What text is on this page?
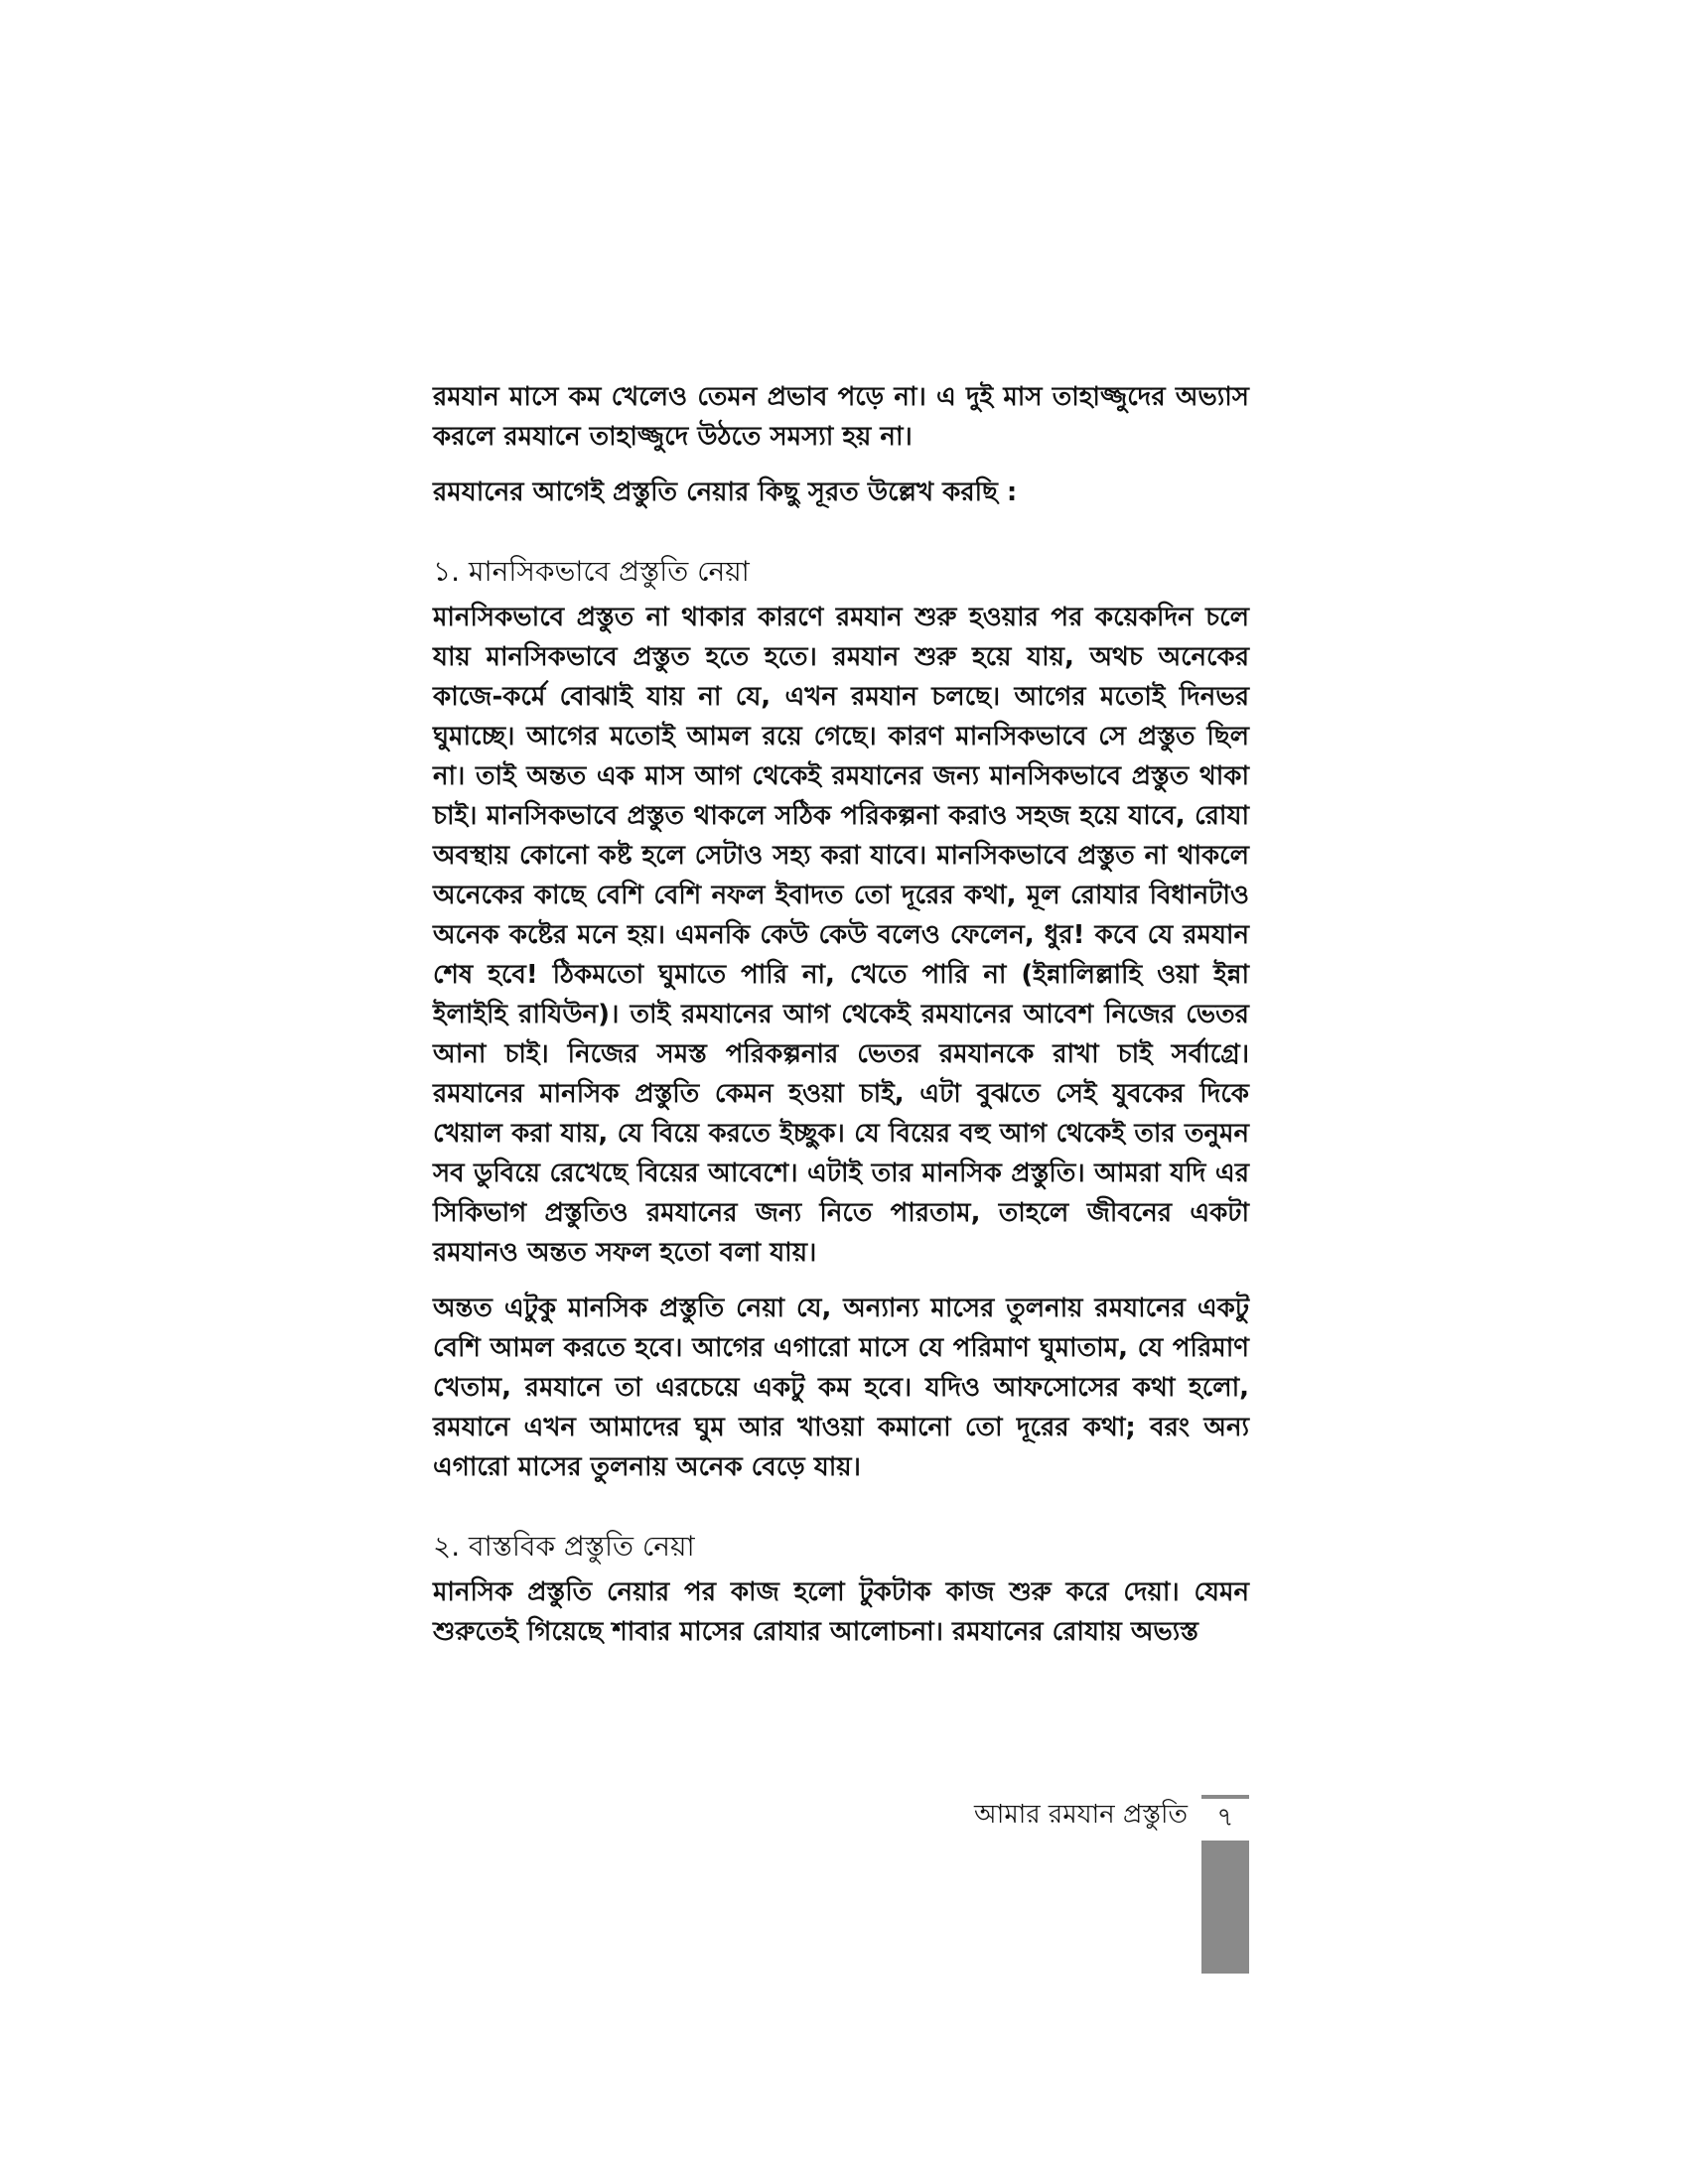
রমযান মাসে কম খেলেও তেমন প্রভাব পড়ে না। এ দুই মাস তাহাজ্জুদের অভ্যাস করলে রমযানে তাহাজ্জুদে উঠতে সমস্যা হয় না।

রমযানের আগেই প্রস্তুতি নেয়ার কিছু সূরত উল্লেখ করছি :

১. মানসিকভাবে প্রস্তুতি নেয়া

মানসিকভাবে প্রস্তুত না থাকার কারণে রমযান শুরু হওয়ার পর কয়েকদিন চলে যায় মানসিকভাবে প্রস্তুত হতে হতে। রমযান শুরু হয়ে যায়, অথচ অনেকের কাজে-কর্মে বোঝাই যায় না যে, এখন রমযান চলছে। আগের মতোই দিনভর ঘুমাচ্ছে। আগের মতোই আমল রয়ে গেছে। কারণ মানসিকভাবে সে প্রস্তুত ছিল না। তাই অন্তত এক মাস আগ থেকেই রমযানের জন্য মানসিকভাবে প্রস্তুত থাকা চাই। মানসিকভাবে প্রস্তুত থাকলে সঠিক পরিকল্পনা করাও সহজ হয়ে যাবে, রোযা অবস্থায় কোনো কষ্ট হলে সেটাও সহ্য করা যাবে। মানসিকভাবে প্রস্তুত না থাকলে অনেকের কাছে বেশি বেশি নফল ইবাদত তো দূরের কথা, মূল রোযার বিধানটাও অনেক কষ্টের মনে হয়। এমনকি কেউ কেউ বলেও ফেলেন, ধুর! কবে যে রমযান শেষ হবে! ঠিকমতো ঘুমাতে পারি না, খেতে পারি না (ইন্নালিল্লাহি ওয়া ইন্না ইলাইহি রাযিউন)। তাই রমযানের আগ থেকেই রমযানের আবেশ নিজের ভেতর আনা চাই। নিজের সমস্ত পরিকল্পনার ভেতর রমযানকে রাখা চাই সর্বাগ্রে। রমযানের মানসিক প্রস্তুতি কেমন হওয়া চাই, এটা বুঝতে সেই যুবকের দিকে খেয়াল করা যায়, যে বিয়ে করতে ইচ্ছুক। যে বিয়ের বহু আগ থেকেই তার তনুমন সব ডুবিয়ে রেখেছে বিয়ের আবেশে। এটাই তার মানসিক প্রস্তুতি। আমরা যদি এর সিকিভাগ প্রস্তুতিও রমযানের জন্য নিতে পারতাম, তাহলে জীবনের একটা রমযানও অন্তত সফল হতো বলা যায়।

অন্তত এটুকু মানসিক প্রস্তুতি নেয়া যে, অন্যান্য মাসের তুলনায় রমযানের একটু বেশি আমল করতে হবে। আগের এগারো মাসে যে পরিমাণ ঘুমাতাম, যে পরিমাণ খেতাম, রমযানে তা এরচেয়ে একটু কম হবে। যদিও আফসোসের কথা হলো, রমযানে এখন আমাদের ঘুম আর খাওয়া কমানো তো দূরের কথা; বরং অন্য এগারো মাসের তুলনায় অনেক বেড়ে যায়।

২. বাস্তবিক প্রস্তুতি নেয়া

মানসিক প্রস্তুতি নেয়ার পর কাজ হলো টুকটাক কাজ শুরু করে দেয়া। যেমন শুরুতেই গিয়েছে শাবার মাসের রোযার আলোচনা। রমযানের রোযায় অভ্যস্ত

আমার রমযান প্রস্তুতি	৭
